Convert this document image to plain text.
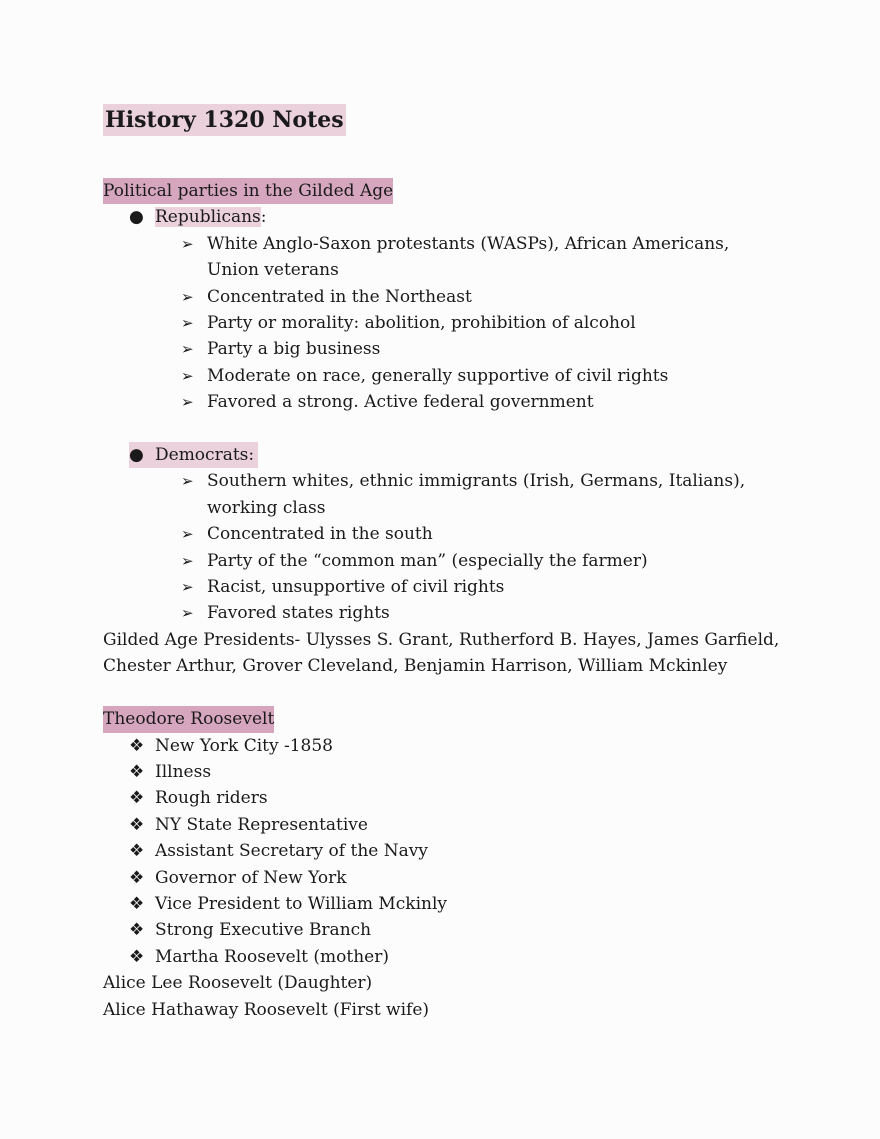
History 1320 Notes
Political parties in the Gilded Age
● Republicans:
➢ White Anglo-Saxon protestants (WASPs), African Americans, Union veterans
➢ Concentrated in the Northeast
➢ Party or morality: abolition, prohibition of alcohol
➢ Party a big business
➢ Moderate on race, generally supportive of civil rights
➢ Favored a strong. Active federal government
● Democrats:
➢ Southern whites, ethnic immigrants (Irish, Germans, Italians), working class
➢ Concentrated in the south
➢ Party of the “common man” (especially the farmer)
➢ Racist, unsupportive of civil rights
➢ Favored states rights
Gilded Age Presidents- Ulysses S. Grant, Rutherford B. Hayes, James Garfield, Chester Arthur, Grover Cleveland, Benjamin Harrison, William Mckinley
Theodore Roosevelt
❖ New York City -1858
❖ Illness
❖ Rough riders
❖ NY State Representative
❖ Assistant Secretary of the Navy
❖ Governor of New York
❖ Vice President to William Mckinly
❖ Strong Executive Branch
❖ Martha Roosevelt (mother)
Alice Lee Roosevelt (Daughter)
Alice Hathaway Roosevelt (First wife)
